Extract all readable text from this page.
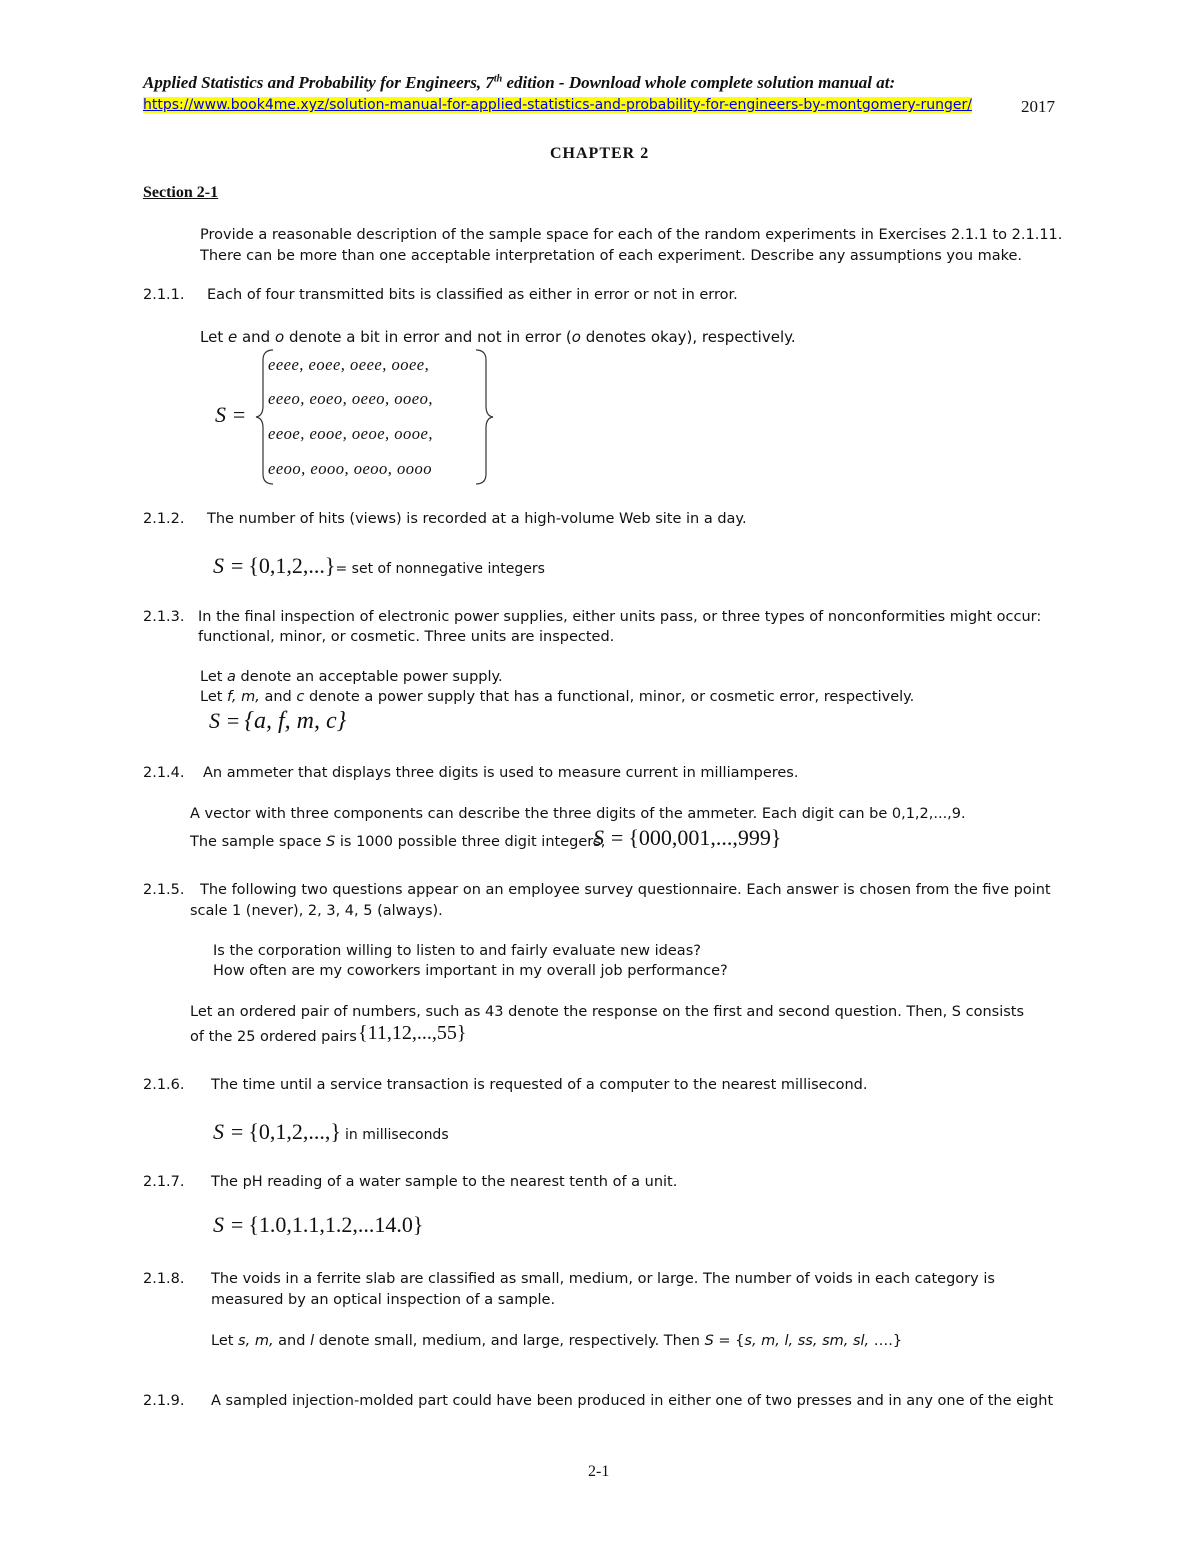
Applied Statistics and Probability for Engineers, 7th edition - Download whole complete solution manual at:
https://www.book4me.xyz/solution-manual-for-applied-statistics-and-probability-for-engineers-by-montgomery-runger/	2017
CHAPTER 2
Section 2-1
Provide a reasonable description of the sample space for each of the random experiments in Exercises 2.1.1 to 2.1.11.
There can be more than one acceptable interpretation of each experiment. Describe any assumptions you make.
2.1.1. Each of four transmitted bits is classified as either in error or not in error.
Let e and o denote a bit in error and not in error (o denotes okay), respectively.
S =
eeee, eoee, oeee, ooee,
eeeo, eoeo, oeeo, ooeo,
eeoe, eooe, oeoe, oooe,
eeoo, eooo, oeoo, oooo
2.1.2. The number of hits (views) is recorded at a high-volume Web site in a day.
S = {0,1,2,...}= set of nonnegative integers
2.1.3. In the final inspection of electronic power supplies, either units pass, or three types of nonconformities might occur:
functional, minor, or cosmetic. Three units are inspected.
Let a denote an acceptable power supply.
Let f, m, and c denote a power supply that has a functional, minor, or cosmetic error, respectively.
S = {a, f, m, c}
2.1.4. An ammeter that displays three digits is used to measure current in milliamperes.
A vector with three components can describe the three digits of the ammeter. Each digit can be 0,1,2,...,9.
The sample space S is 1000 possible three digit integers,
S = {000,001,...,999}
2.1.5. The following two questions appear on an employee survey questionnaire. Each answer is chosen from the five point
scale 1 (never), 2, 3, 4, 5 (always).
Is the corporation willing to listen to and fairly evaluate new ideas?
How often are my coworkers important in my overall job performance?
Let an ordered pair of numbers, such as 43 denote the response on the first and second question. Then, S consists
of the 25 ordered pairs {11,12,...,55}
2.1.6. The time until a service transaction is requested of a computer to the nearest millisecond.
S = {0,1,2,...,} in milliseconds
2.1.7. The pH reading of a water sample to the nearest tenth of a unit.
S = {1.0,1.1,1.2,...14.0}
2.1.8. The voids in a ferrite slab are classified as small, medium, or large. The number of voids in each category is
measured by an optical inspection of a sample.
Let s, m, and l denote small, medium, and large, respectively. Then S = {s, m, l, ss, sm, sl, ….}
2.1.9. A sampled injection-molded part could have been produced in either one of two presses and in any one of the eight
2-1
